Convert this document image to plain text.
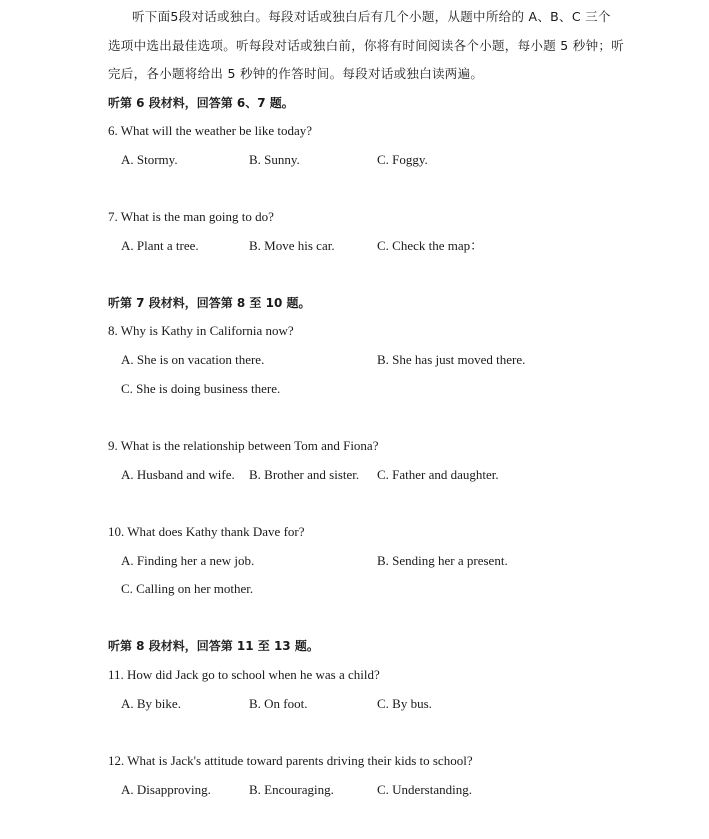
听下面5段对话或独白。每段对话或独白后有几个小题，从题中所给的 A、B、C 三个
选项中选出最佳选项。听每段对话或独白前，你将有时间阅读各个小题，每小题 5 秒钟；听
完后，各小题将给出 5 秒钟的作答时间。每段对话或独白读两遍。
听第 6 段材料，回答第 6、7 题。
6. What will the weather be like today?
A. Stormy.	B. Sunny.	C. Foggy.
7. What is the man going to do?
A. Plant a tree.	B. Move his car.	C. Check the map：
听第 7 段材料，回答第 8 至 10 题。
8. Why is Kathy in California now?
A. She is on vacation there.	B. She has just moved there.
C. She is doing business there.
9. What is the relationship between Tom and Fiona?
A. Husband and wife. B. Brother and sister. C. Father and daughter.
10. What does Kathy thank Dave for?
A. Finding her a new job.	B. Sending her a present.
C. Calling on her mother.
听第 8 段材料，回答第 11 至 13 题。
11. How did Jack go to school when he was a child?
A. By bike.	B. On foot.	C. By bus.
12. What is Jack's attitude toward parents driving their kids to school?
A. Disapproving.	B. Encouraging.	C. Understanding.
